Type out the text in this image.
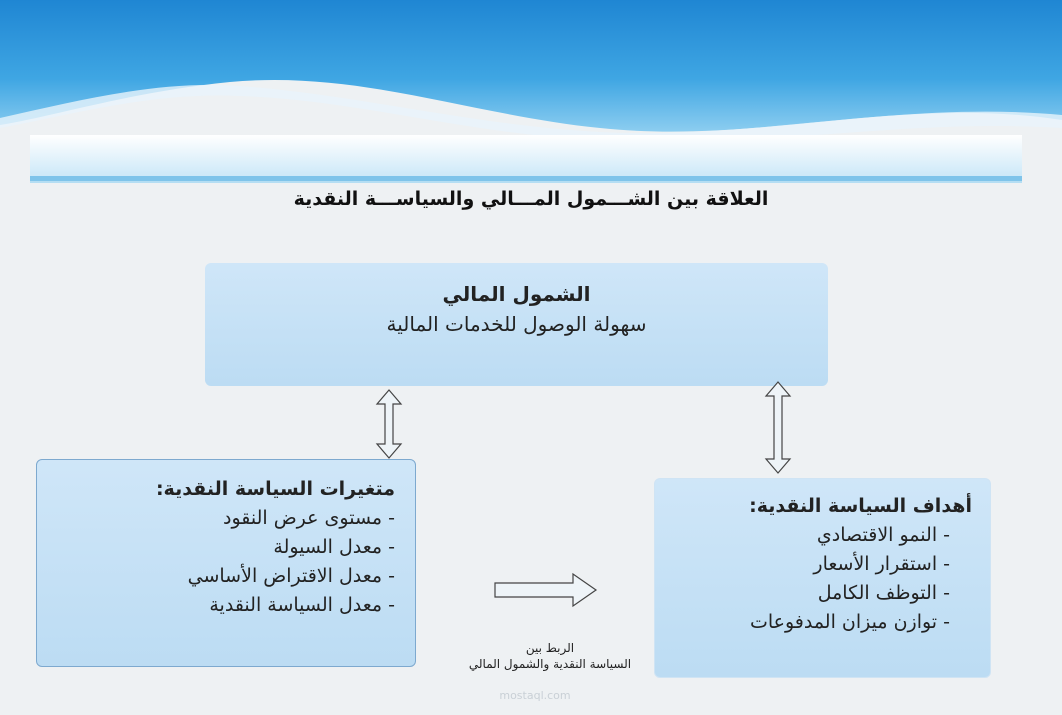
العلاقة بين الشـــمول المـــالي والسياســـة النقدية
الشمول المالي
سهولة الوصول للخدمات المالية
متغيرات السياسة النقدية:
- مستوى عرض النقود
- معدل السيولة
- معدل الاقتراض الأساسي
- معدل السياسة النقدية
أهداف السياسة النقدية:
- النمو الاقتصادي
- استقرار الأسعار
- التوظف الكامل
- توازن ميزان المدفوعات
الربط بين
السياسة النقدية والشمول المالي
mostaql.com
